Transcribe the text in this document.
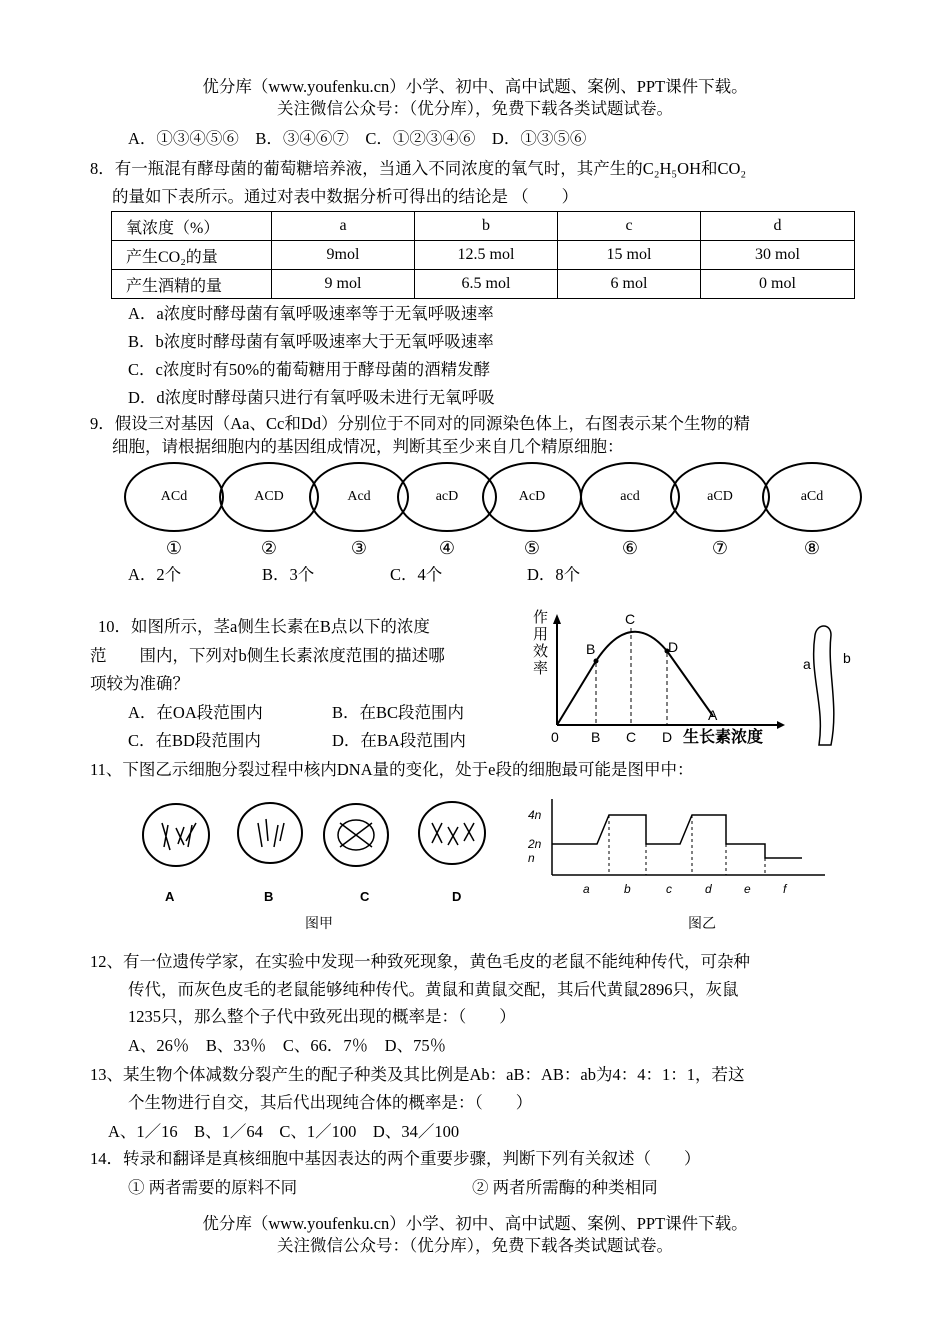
优分库（www.youfenku.cn）小学、初中、高中试题、案例、PPT课件下载。
关注微信公众号：（优分库），免费下载各类试题试卷。
A．①③④⑤⑥　B．③④⑥⑦　C．①②③④⑥　D．①③⑤⑥
8．有一瓶混有酵母菌的葡萄糖培养液，当通入不同浓度的氧气时，其产生的C₂H₅OH和CO₂
的量如下表所示。通过对表中数据分析可得出的结论是 （　　）
氧浓度（%）	a	b	c	d
产生CO₂的量	9mol	12.5 mol	15 mol	30 mol
产生酒精的量	9 mol	6.5 mol	6 mol	0 mol
A．a浓度时酵母菌有氧呼吸速率等于无氧呼吸速率
B．b浓度时酵母菌有氧呼吸速率大于无氧呼吸速率
C．c浓度时有50%的葡萄糖用于酵母菌的酒精发酵
D．d浓度时酵母菌只进行有氧呼吸未进行无氧呼吸
9．假设三对基因（Aa、Cc和Dd）分别位于不同对的同源染色体上，右图表示某个生物的精
细胞，请根据细胞内的基因组成情况，判断其至少来自几个精原细胞：
ACd	ACD	Acd	acD	AcD	acd	aCD	aCd
①	②	③	④	⑤	⑥	⑦	⑧
A．2个	B．3个	C．4个	D．8个
10．如图所示，茎a侧生长素在B点以下的浓度
范　　围内，下列对b侧生长素浓度范围的描述哪
项较为准确？
A．在OA段范围内	B．在BC段范围内
C．在BD段范围内	D．在BA段范围内
作
用
效
率
C
B	D
A
0 B C D 生长素浓度
a b
11、下图乙示细胞分裂过程中核内DNA量的变化，处于e段的细胞最可能是图甲中：
A	B	C	D
图甲
4n
2n
n
a	b	c	d	e	f
图乙
12、有一位遗传学家，在实验中发现一种致死现象，黄色毛皮的老鼠不能纯种传代，可杂种
传代，而灰色皮毛的老鼠能够纯种传代。黄鼠和黄鼠交配，其后代黄鼠2896只，灰鼠
1235只，那么整个子代中致死出现的概率是：（　　）
A、26％　B、33％　C、66．7％　D、75％
13、某生物个体减数分裂产生的配子种类及其比例是Ab：aB：AB：ab为4：4：1：1，若这
个生物进行自交，其后代出现纯合体的概率是：（　　）
A、1／16　B、1／64　C、1／100　D、34／100
14．转录和翻译是真核细胞中基因表达的两个重要步骤，判断下列有关叙述（　　）
① 两者需要的原料不同	② 两者所需酶的种类相同
优分库（www.youfenku.cn）小学、初中、高中试题、案例、PPT课件下载。
关注微信公众号：（优分库），免费下载各类试题试卷。
